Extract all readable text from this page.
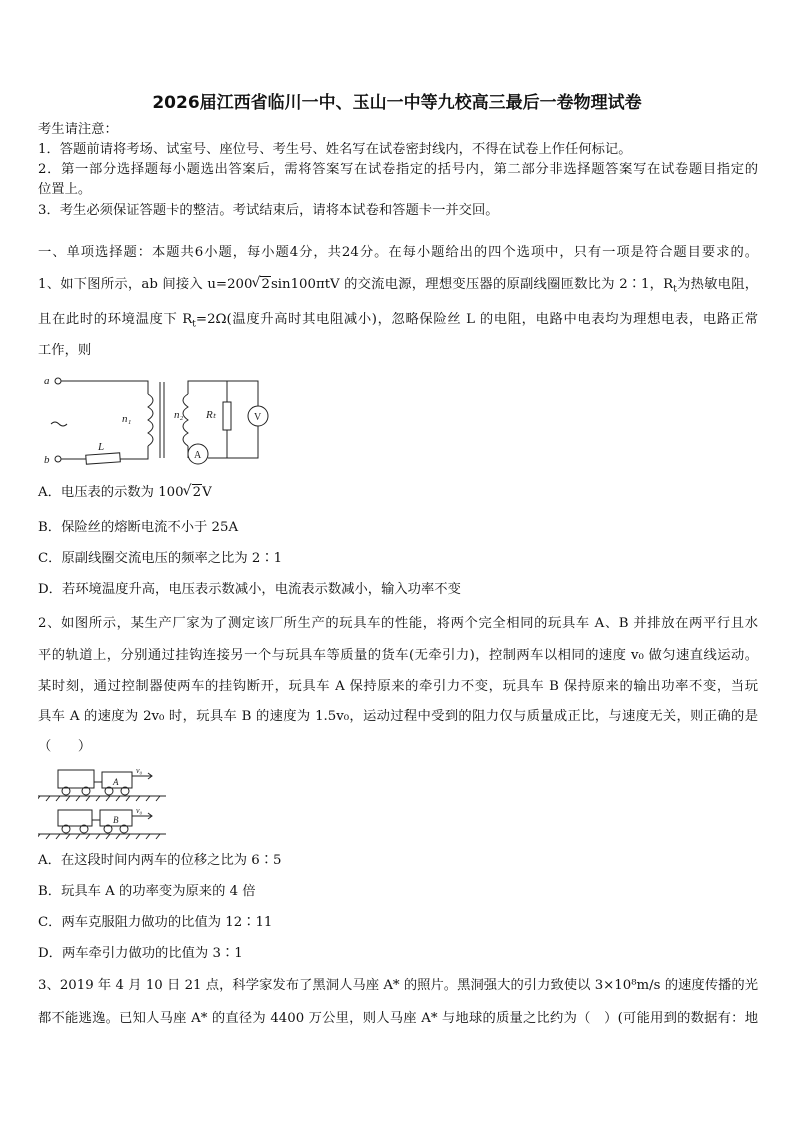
2026届江西省临川一中、玉山一中等九校高三最后一卷物理试卷
考生请注意：
1．答题前请将考场、试室号、座位号、考生号、姓名写在试卷密封线内，不得在试卷上作任何标记。
2．第一部分选择题每小题选出答案后，需将答案写在试卷指定的括号内，第二部分非选择题答案写在试卷题目指定的
位置上。
3．考生必须保证答题卡的整洁。考试结束后，请将本试卷和答题卡一并交回。
一、单项选择题：本题共6小题，每小题4分，共24分。在每小题给出的四个选项中，只有一项是符合题目要求的。
1、如下图所示，ab 间接入 u=200 √ 2sin100πtV 的交流电源，理想变压器的原副线圈匝数比为 2∶1，$R_t$为热敏电阻，
且在此时的环境温度下 $R_t=2\Omega$(温度升高时其电阻减小)，忽略保险丝 L 的电阻，电路中电表均为理想电表，电路正常
工作，则
a
b
n₁	n₂ Rₜ	V
A
L
A．电压表的示数为 100 √ 2V
B．保险丝的熔断电流不小于 25A
C．原副线圈交流电压的频率之比为 2∶1
D．若环境温度升高，电压表示数减小，电流表示数减小，输入功率不变
2、如图所示，某生产厂家为了测定该厂所生产的玩具车的性能，将两个完全相同的玩具车 A、B 并排放在两平行且水
平的轨道上，分别通过挂钩连接另一个与玩具车等质量的货车(无牵引力)，控制两车以相同的速度 v₀ 做匀速直线运动。
某时刻，通过控制器使两车的挂钩断开，玩具车 A 保持原来的牵引力不变，玩具车 B 保持原来的输出功率不变，当玩
具车 A 的速度为 2v₀ 时，玩具车 B 的速度为 1.5v₀，运动过程中受到的阻力仅与质量成正比，与速度无关，则正确的是
（　　）
A
B
v₀
v₀
A．在这段时间内两车的位移之比为 6∶5
B．玩具车 A 的功率变为原来的 4 倍
C．两车克服阻力做功的比值为 12∶11
D．两车牵引力做功的比值为 3∶1
3、2019 年 4 月 10 日 21 点，科学家发布了黑洞人马座 A* 的照片。黑洞强大的引力致使以 3×10⁸m/s 的速度传播的光
都不能逃逸。已知人马座 A* 的直径为 4400 万公里，则人马座 A* 与地球的质量之比约为（　）(可能用到的数据有：地
